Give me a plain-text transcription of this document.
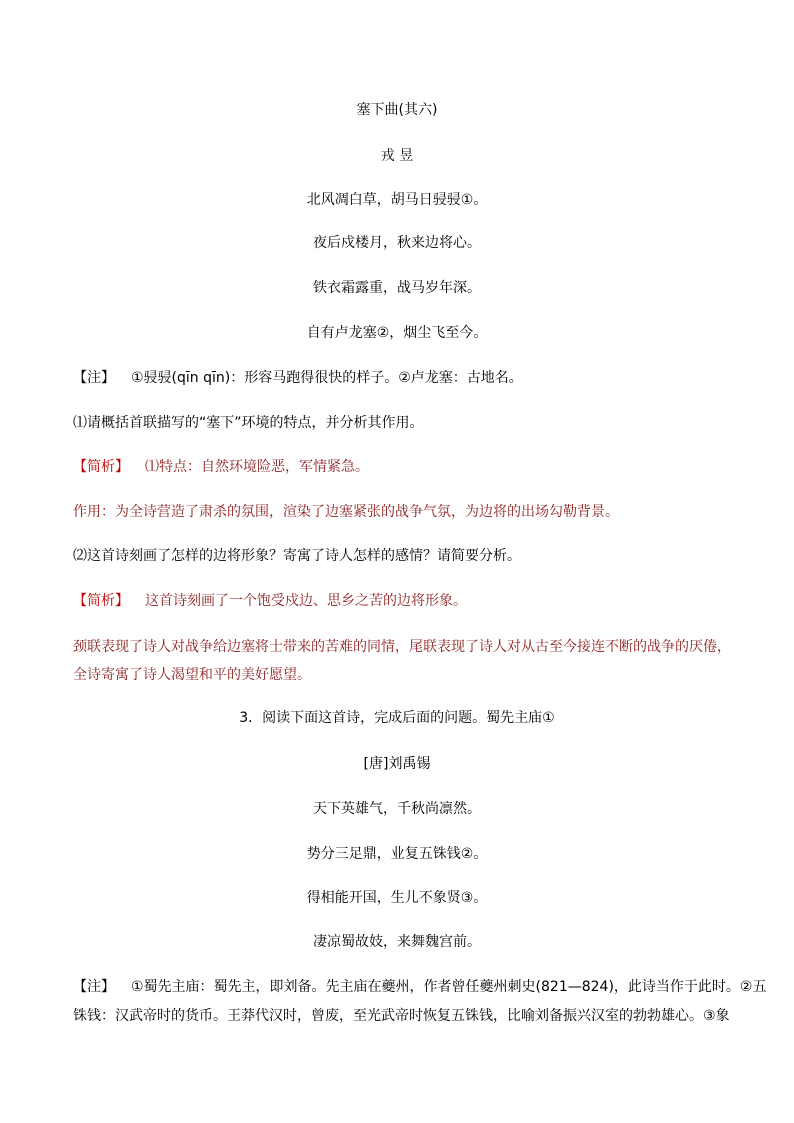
塞下曲(其六)
戎 昱
北风凋白草，胡马日骎骎①。
夜后戍楼月，秋来边将心。
铁衣霜露重，战马岁年深。
自有卢龙塞②，烟尘飞至今。
【注】 ①骎骎(qīn qīn)：形容马跑得很快的样子。②卢龙塞：古地名。
⑴请概括首联描写的“塞下”环境的特点，并分析其作用。
【简析】 ⑴特点：自然环境险恶，军情紧急。
作用：为全诗营造了肃杀的氛围，渲染了边塞紧张的战争气氛，为边将的出场勾勒背景。
⑵这首诗刻画了怎样的边将形象？寄寓了诗人怎样的感情？请简要分析。
【简析】 这首诗刻画了一个饱受戍边、思乡之苦的边将形象。
颈联表现了诗人对战争给边塞将士带来的苦难的同情，尾联表现了诗人对从古至今接连不断的战争的厌倦，
全诗寄寓了诗人渴望和平的美好愿望。
3．阅读下面这首诗，完成后面的问题。蜀先主庙①
[唐]刘禹锡
天下英雄气，千秋尚凛然。
势分三足鼎，业复五铢钱②。
得相能开国，生儿不象贤③。
凄凉蜀故妓，来舞魏宫前。
【注】 ①蜀先主庙：蜀先主，即刘备。先主庙在夔州，作者曾任夔州刺史(821—824)，此诗当作于此时。②五
铢钱：汉武帝时的货币。王莽代汉时，曾废，至光武帝时恢复五铢钱，比喻刘备振兴汉室的勃勃雄心。③象
